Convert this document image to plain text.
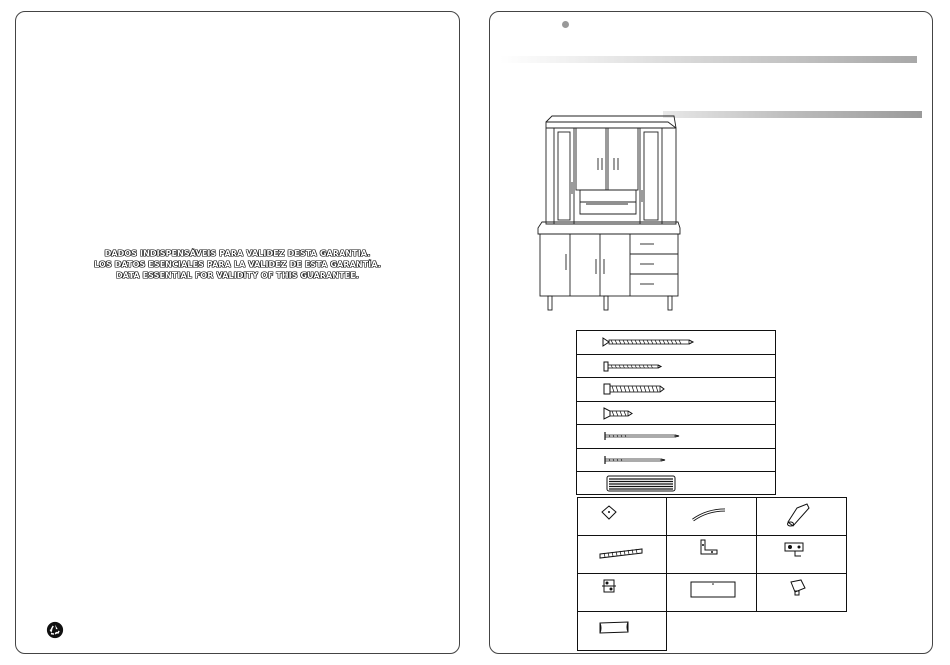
DADOS INDISPENSÁVEIS PARA VALIDEZ DESTA GARANTIA.
LOS DATOS ESENCIALES PARA LA VALIDEZ DE ESTA GARANTÍA.
DATA ESSENTIAL FOR VALIDITY OF THIS GUARANTEE.
